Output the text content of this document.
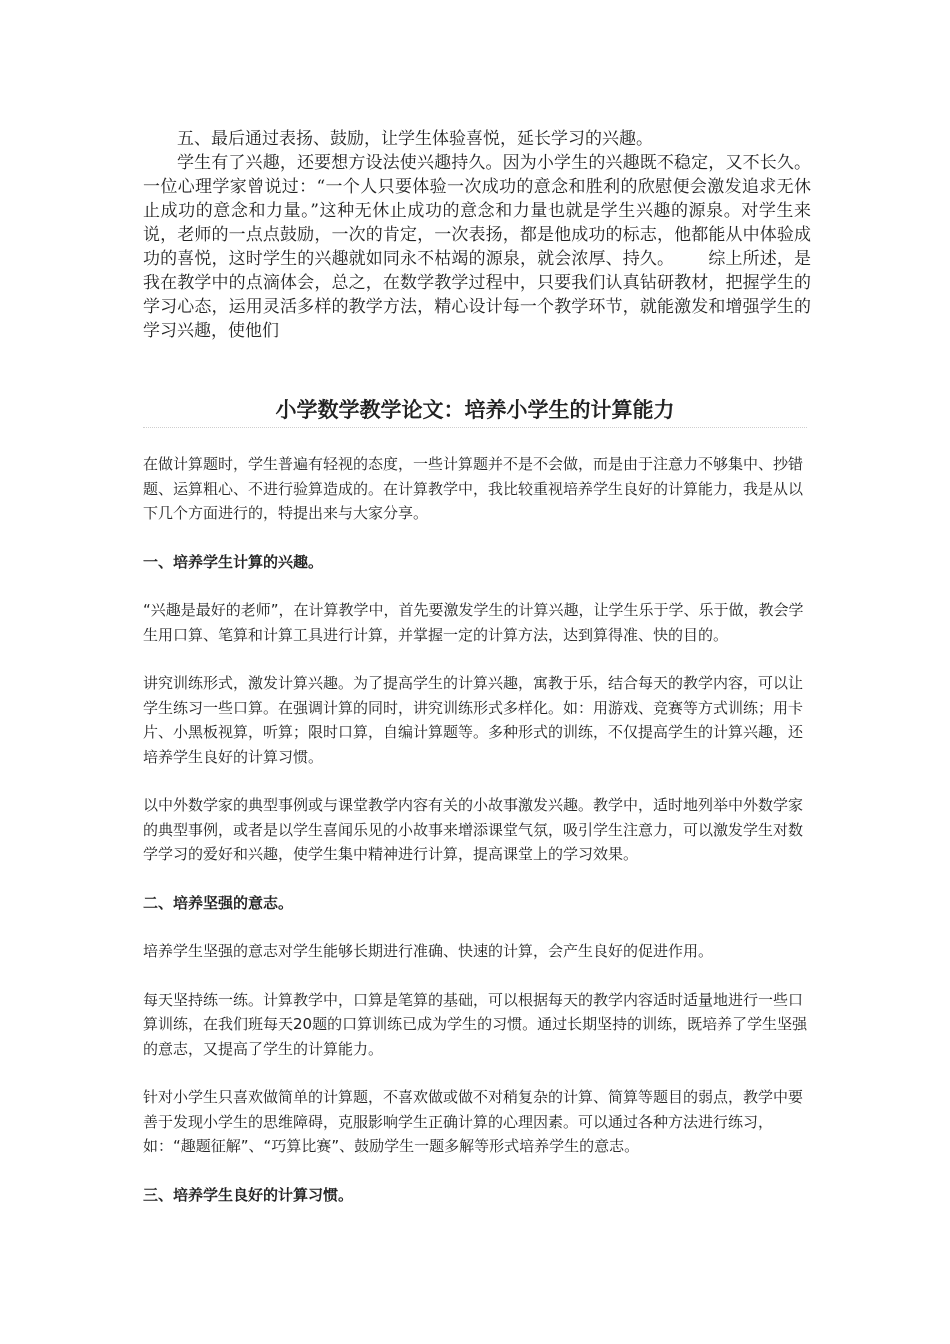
五、最后通过表扬、鼓励，让学生体验喜悦，延长学习的兴趣。

学生有了兴趣，还要想方设法使兴趣持久。因为小学生的兴趣既不稳定，又不长久。一位心理学家曾说过：“一个人只要体验一次成功的意念和胜利的欣慰便会激发追求无休止成功的意念和力量。”这种无休止成功的意念和力量也就是学生兴趣的源泉。对学生来说，老师的一点点鼓励，一次的肯定，一次表扬，都是他成功的标志，他都能从中体验成功的喜悦，这时学生的兴趣就如同永不枯竭的源泉，就会浓厚、持久。 综上所述，是我在教学中的点滴体会，总之，在数学教学过程中，只要我们认真钻研教材，把握学生的学习心态，运用灵活多样的教学方法，精心设计每一个教学环节，就能激发和增强学生的学习兴趣，使他们

小学数学教学论文：培养小学生的计算能力

在做计算题时，学生普遍有轻视的态度，一些计算题并不是不会做，而是由于注意力不够集中、抄错题、运算粗心、不进行验算造成的。在计算教学中，我比较重视培养学生良好的计算能力，我是从以下几个方面进行的，特提出来与大家分享。

一、培养学生计算的兴趣。

“兴趣是最好的老师”，在计算教学中，首先要激发学生的计算兴趣，让学生乐于学、乐于做，教会学生用口算、笔算和计算工具进行计算，并掌握一定的计算方法，达到算得准、快的目的。

讲究训练形式，激发计算兴趣。为了提高学生的计算兴趣，寓教于乐，结合每天的教学内容，可以让学生练习一些口算。在强调计算的同时，讲究训练形式多样化。如：用游戏、竞赛等方式训练；用卡片、小黑板视算，听算；限时口算，自编计算题等。多种形式的训练，不仅提高学生的计算兴趣，还培养学生良好的计算习惯。

以中外数学家的典型事例或与课堂教学内容有关的小故事激发兴趣。教学中，适时地列举中外数学家的典型事例，或者是以学生喜闻乐见的小故事来增添课堂气氛，吸引学生注意力，可以激发学生对数学学习的爱好和兴趣，使学生集中精神进行计算，提高课堂上的学习效果。

二、培养坚强的意志。

培养学生坚强的意志对学生能够长期进行准确、快速的计算，会产生良好的促进作用。

每天坚持练一练。计算教学中，口算是笔算的基础，可以根据每天的教学内容适时适量地进行一些口算训练，在我们班每天20题的口算训练已成为学生的习惯。通过长期坚持的训练，既培养了学生坚强的意志，又提高了学生的计算能力。

针对小学生只喜欢做简单的计算题，不喜欢做或做不对稍复杂的计算、简算等题目的弱点，教学中要善于发现小学生的思维障碍，克服影响学生正确计算的心理因素。可以通过各种方法进行练习，如：“趣题征解”、“巧算比赛”、鼓励学生一题多解等形式培养学生的意志。

三、培养学生良好的计算习惯。
